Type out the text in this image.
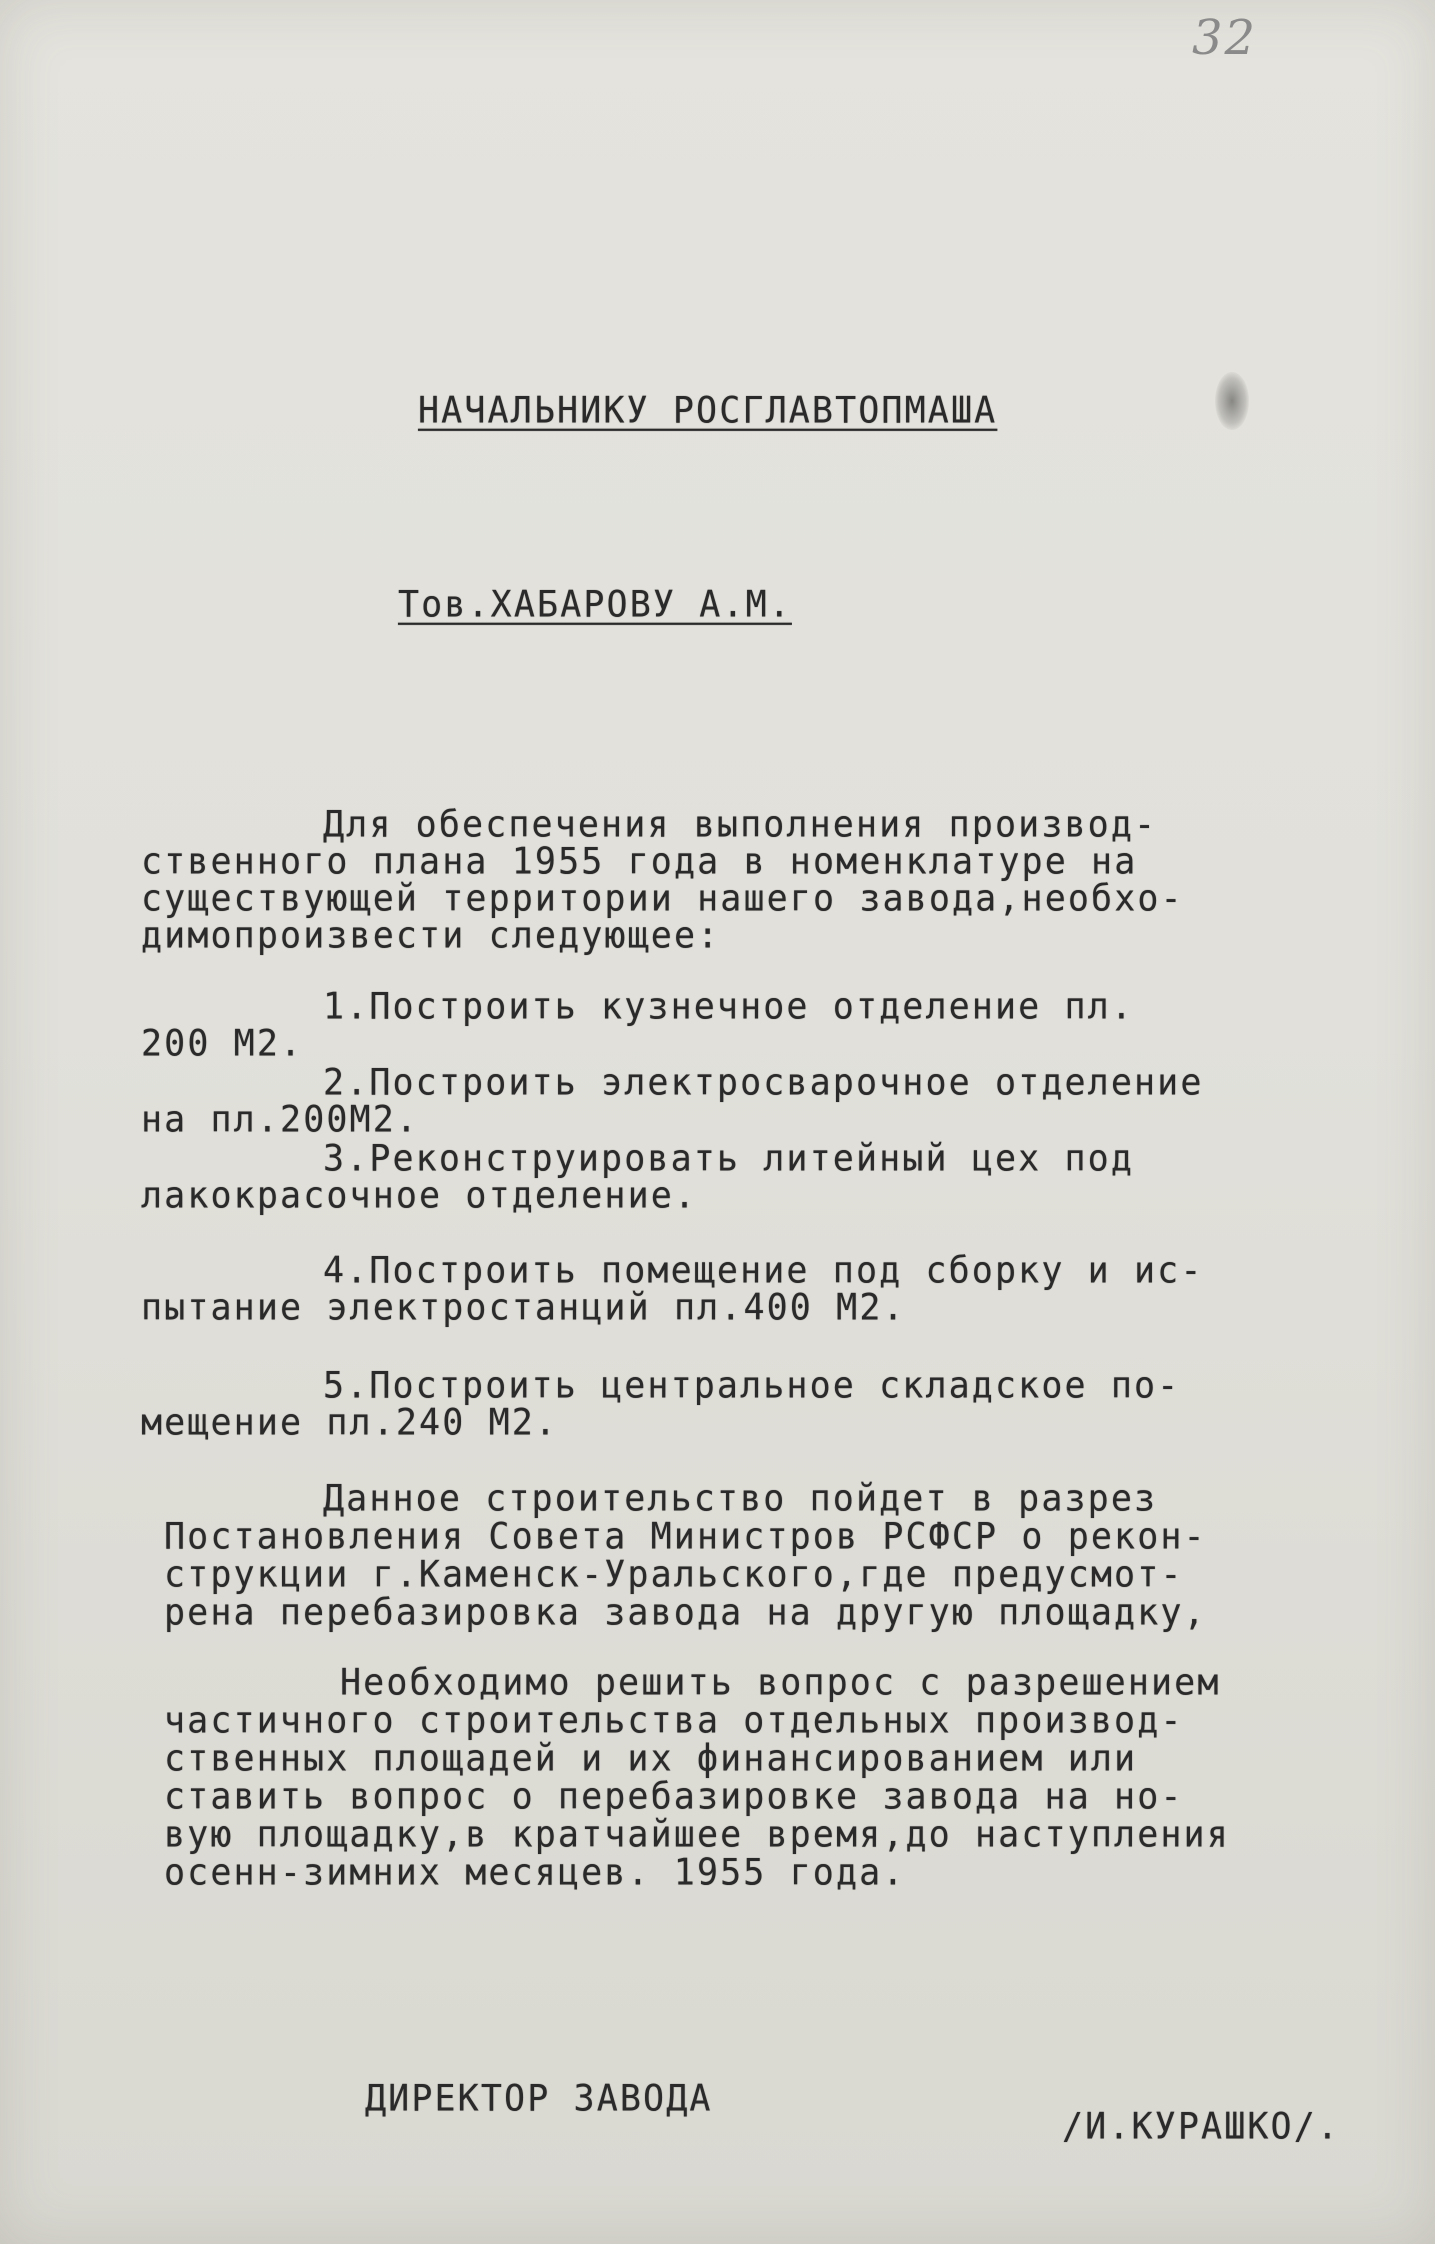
32
НАЧАЛЬНИКУ РОСГЛАВТОПМАША
Тов.ХАБАРОВУ А.М.
Для обеспечения выполнения производ-
ственного плана 1955 года в номенклатуре на
существующей территории нашего завода,необхо-
димопроизвести следующее:
1.Построить кузнечное отделение пл.
200 М2.
2.Построить электросварочное отделение
на пл.200М2.
3.Реконструировать литейный цех под
лакокрасочное отделение.
4.Построить помещение под сборку и ис-
пытание электростанций пл.400 М2.
5.Построить центральное складское по-
мещение пл.240 М2.
Данное строительство пойдет в разрез
Постановления Совета Министров РСФСР о рекон-
струкции г.Каменск-Уральского,где предусмот-
рена перебазировка завода на другую площадку,
Необходимо решить вопрос с разрешением
частичного строительства отдельных производ-
ственных площадей и их финансированием или
ставить вопрос о перебазировке завода на но-
вую площадку,в кратчайшее время,до наступления
осенн-зимних месяцев. 1955 года.
ДИРЕКТОР ЗАВОДА
/И.КУРАШКО/.
